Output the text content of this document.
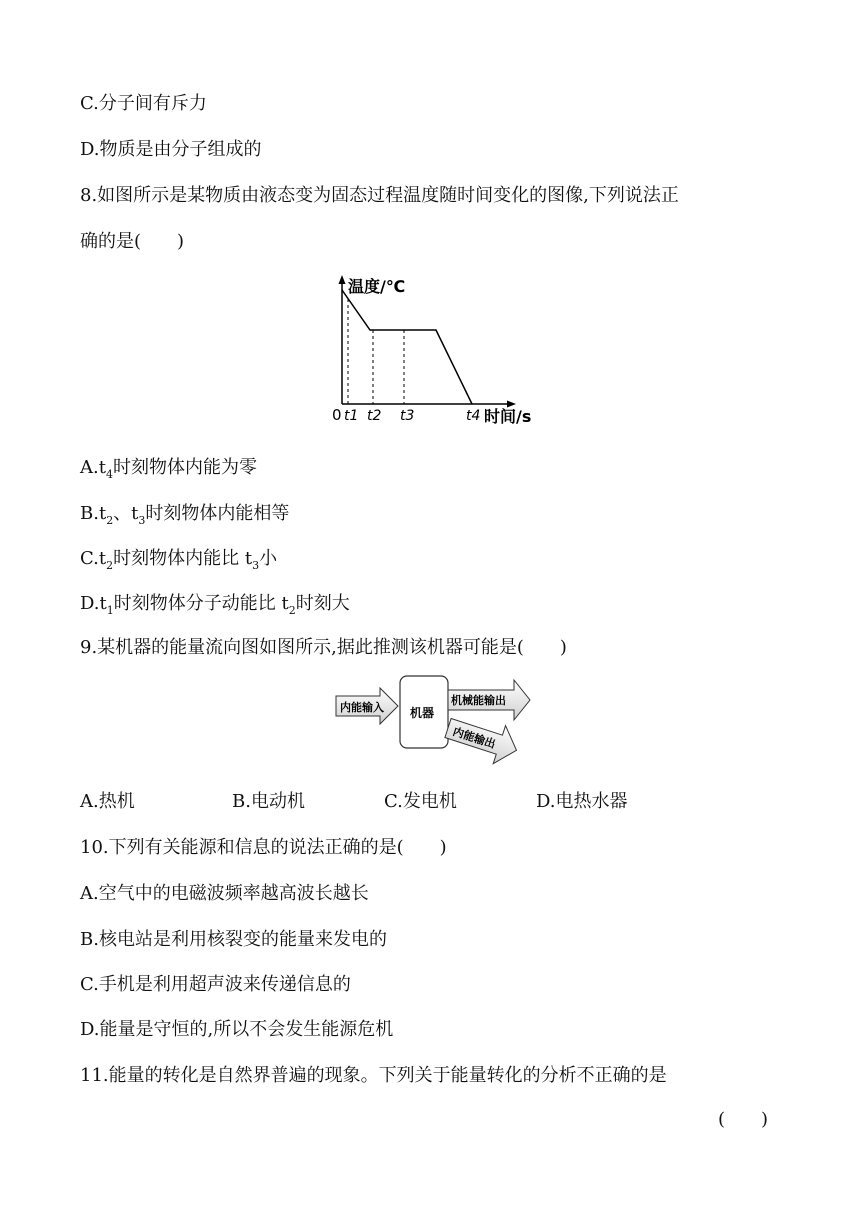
C.分子间有斥力
D.物质是由分子组成的
8.如图所示是某物质由液态变为固态过程温度随时间变化的图像,下列说法正
确的是(　　)
温度/℃
0 t1 t2 t3	t4 时间/s
$A.t_4$时刻物体内能为零
$B.t_2$、$t_3$时刻物体内能相等
$C.t_2$时刻物体内能比 $t_3$小
$D.t_1$时刻物体分子动能比 $t_2$时刻大
9.某机器的能量流向图如图所示,据此推测该机器可能是(　　)
内能输入 机器
机械能输出
内能输出
A.热机	B.电动机	C.发电机	D.电热水器
10.下列有关能源和信息的说法正确的是(　　)
A.空气中的电磁波频率越高波长越长
B.核电站是利用核裂变的能量来发电的
C.手机是利用超声波来传递信息的
D.能量是守恒的,所以不会发生能源危机
11.能量的转化是自然界普遍的现象。下列关于能量转化的分析不正确的是
(　　)
